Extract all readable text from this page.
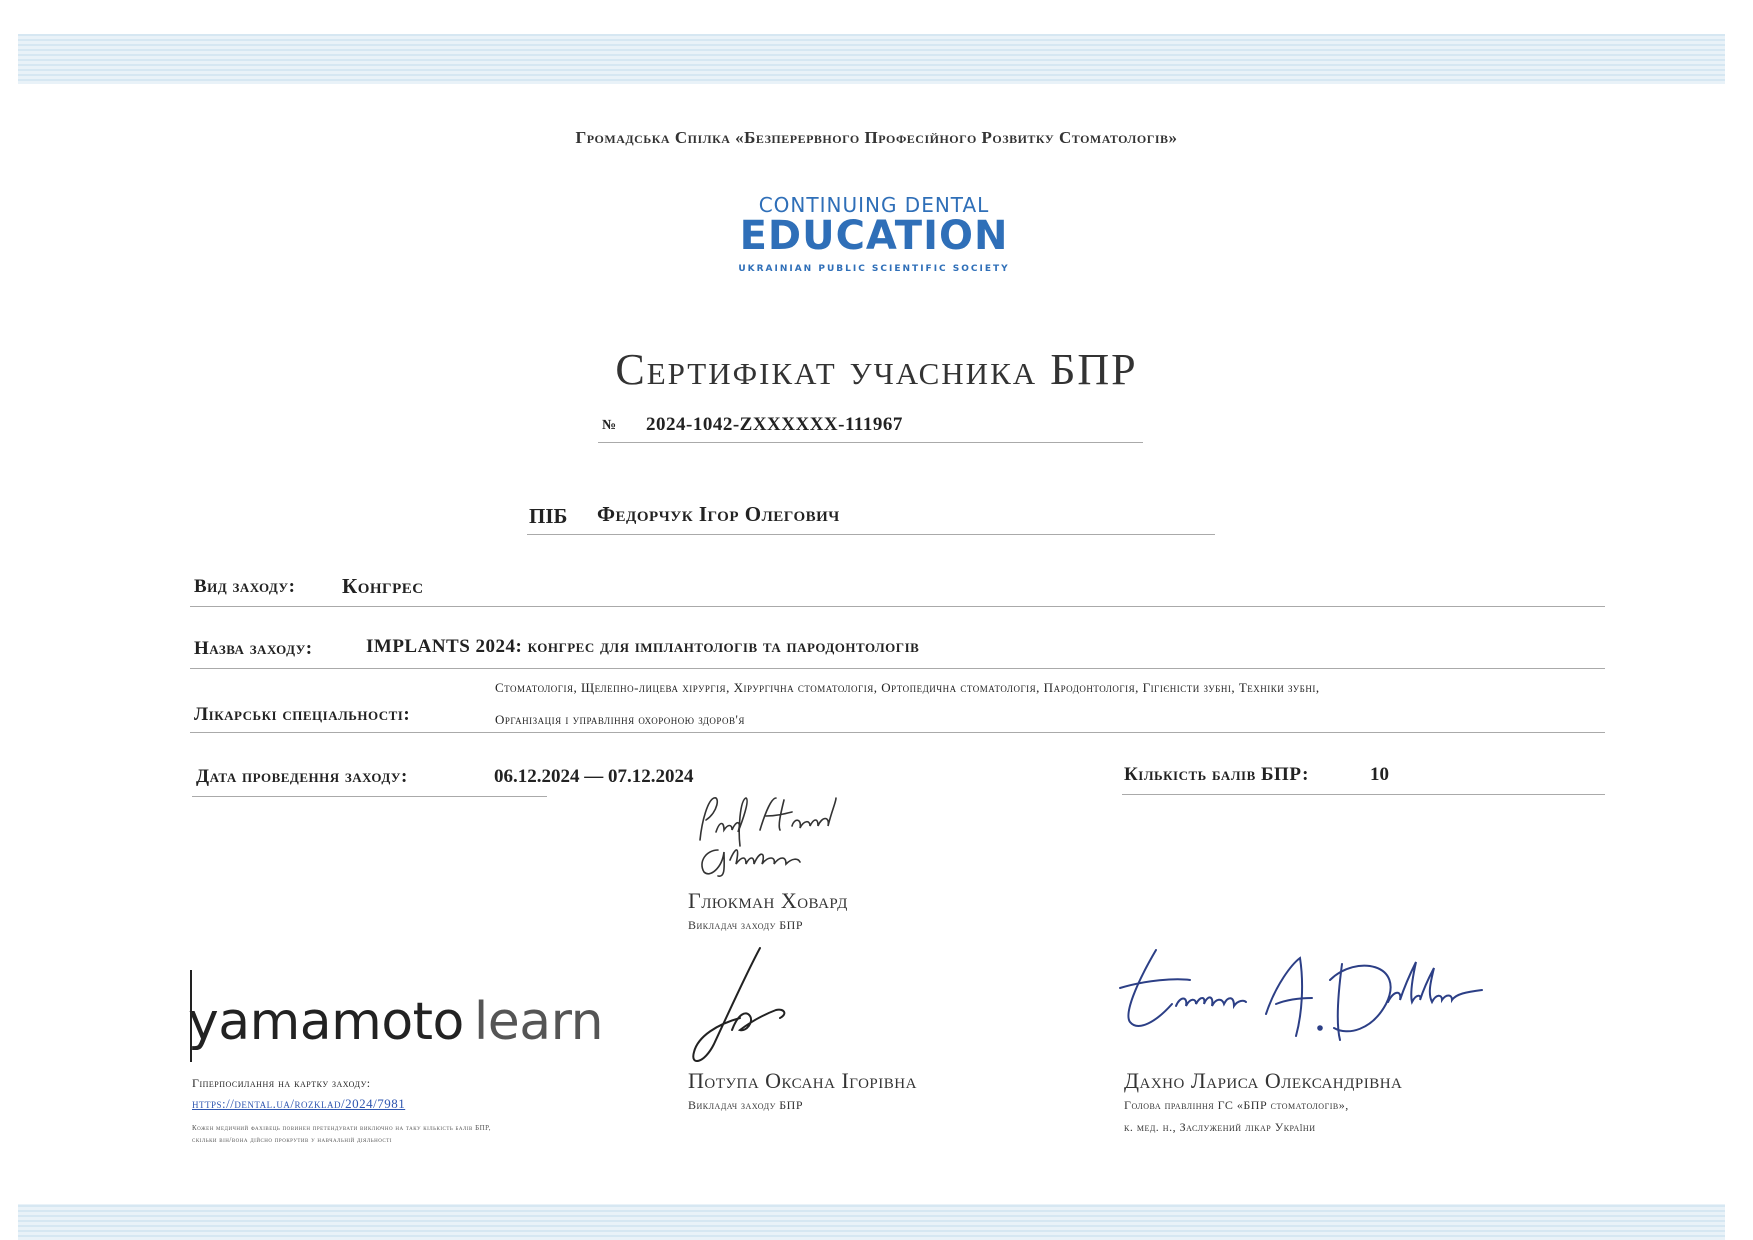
Громадська Спілка «Безперервного Професійного Розвитку Стоматологів»
CONTINUING DENTAL
EDUCATION
UKRAINIAN PUBLIC SCIENTIFIC SOCIETY
Сертифікат учасника БПР
№ 2024-1042-ZXXXXXX-111967
ПІБ Федорчук Ігор Олегович
Вид заходу: Конгрес
Назва заходу:	IMPLANTS 2024: конгрес для імплантологів та пародонтологів
Лікарські спеціальності:
Стоматологія, Щелепно-лицева хірургія, Хірургічна стоматологія, Ортопедична стоматологія, Пародонтологія, Гігієністи зубні, Техніки зубні,
Організація і управління охороною здоров'я
Дата проведення заходу:	06.12.2024 — 07.12.2024	Кількість балів БПР:	10
Глюкман Ховард
Викладач заходу БПР
Потупа Оксана Ігорівна
Викладач заходу БПР
Дахно Лариса Олександрівна
Голова правління ГС «БПР стоматологів»,
к. мед. н., Заслужений лікар України
yamamoto learn
Гіперпосилання на картку заходу:
https://dental.ua/rozklad/2024/7981
Кожен медичний фахівець повинен претендувати виключно на таку кількість балів БПР, скільки він/вона дійсно прокрутив у навчальній діяльності
